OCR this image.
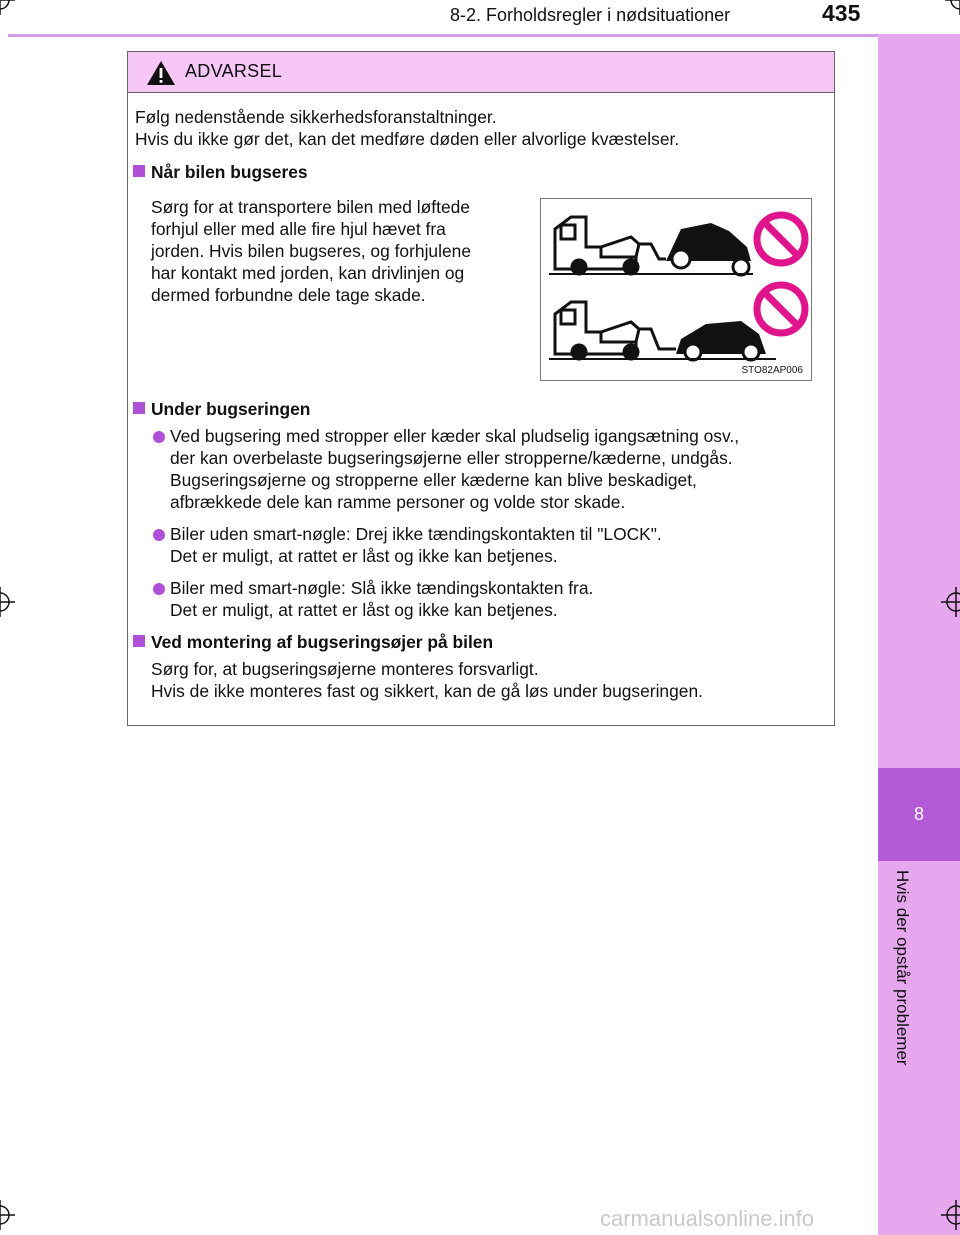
8-2. Forholdsregler i nødsituationer	435
8
Hvis der opstår problemer
ADVARSEL
Følg nedenstående sikkerhedsforanstaltninger.
Hvis du ikke gør det, kan det medføre døden eller alvorlige kvæstelser.
Når bilen bugseres
Sørg for at transportere bilen med løftede
forhjul eller med alle fire hjul hævet fra
jorden. Hvis bilen bugseres, og forhjulene
har kontakt med jorden, kan drivlinjen og
dermed forbundne dele tage skade.
STO82AP006
Under bugseringen
Ved bugsering med stropper eller kæder skal pludselig igangsætning osv.,
der kan overbelaste bugseringsøjerne eller stropperne/kæderne, undgås.
Bugseringsøjerne og stropperne eller kæderne kan blive beskadiget,
afbrækkede dele kan ramme personer og volde stor skade.
Biler uden smart-nøgle: Drej ikke tændingskontakten til "LOCK".
Det er muligt, at rattet er låst og ikke kan betjenes.
Biler med smart-nøgle: Slå ikke tændingskontakten fra.
Det er muligt, at rattet er låst og ikke kan betjenes.
Ved montering af bugseringsøjer på bilen
Sørg for, at bugseringsøjerne monteres forsvarligt.
Hvis de ikke monteres fast og sikkert, kan de gå løs under bugseringen.
carmanualsonline.info
